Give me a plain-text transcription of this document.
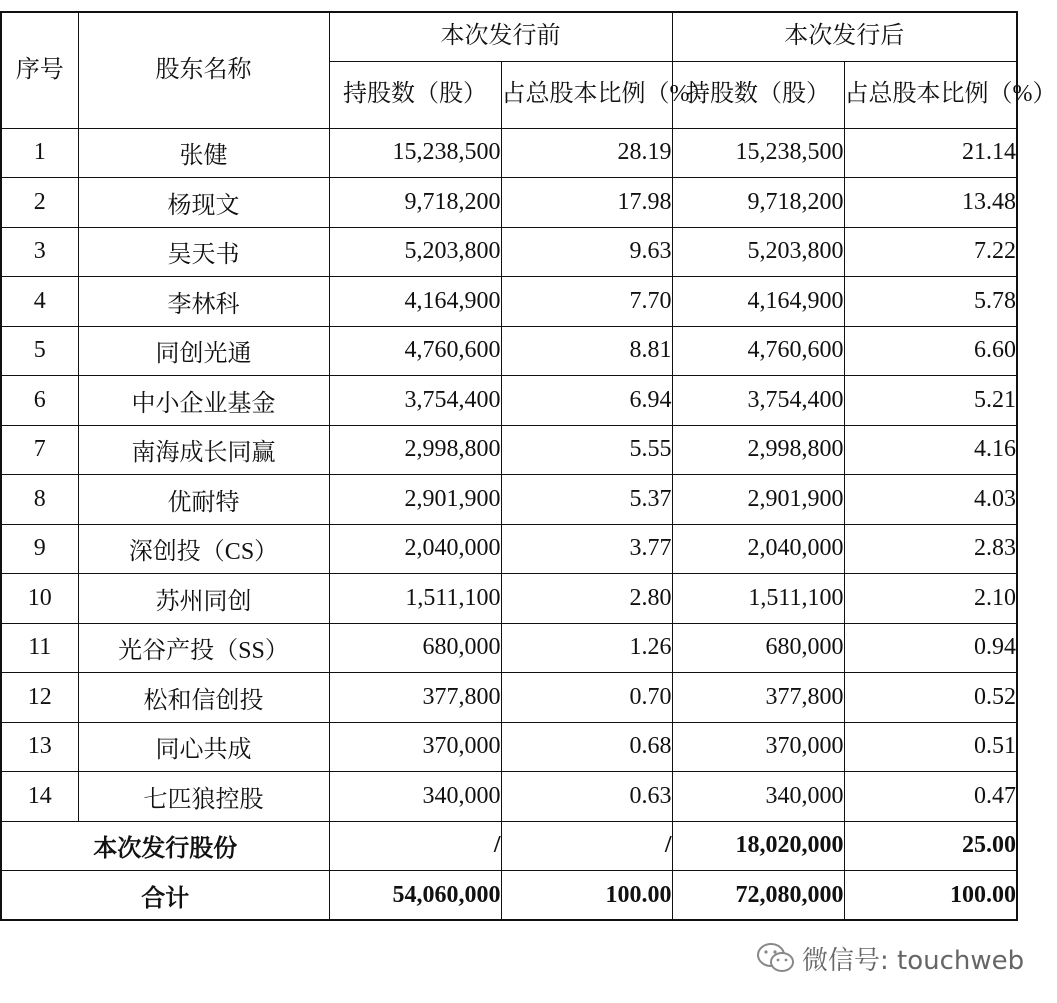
序号	股东名称	本次发行前		本次发行后	
		持股数（股）	占总股本比例（%）	持股数（股）	占总股本比例（%）
1	张健	15,238,500	28.19	15,238,500	21.14
2	杨现文	9,718,200	17.98	9,718,200	13.48
3	吴天书	5,203,800	9.63	5,203,800	7.22
4	李林科	4,164,900	7.70	4,164,900	5.78
5	同创光通	4,760,600	8.81	4,760,600	6.60
6	中小企业基金	3,754,400	6.94	3,754,400	5.21
7	南海成长同赢	2,998,800	5.55	2,998,800	4.16
8	优耐特	2,901,900	5.37	2,901,900	4.03
9	深创投（CS）	2,040,000	3.77	2,040,000	2.83
10	苏州同创	1,511,100	2.80	1,511,100	2.10
11	光谷产投（SS）	680,000	1.26	680,000	0.94
12	松和信创投	377,800	0.70	377,800	0.52
13	同心共成	370,000	0.68	370,000	0.51
14	七匹狼控股	340,000	0.63	340,000	0.47
本次发行股份		/	/	18,020,000	25.00
合计		54,060,000	100.00	72,080,000	100.00
微信号: touchweb
